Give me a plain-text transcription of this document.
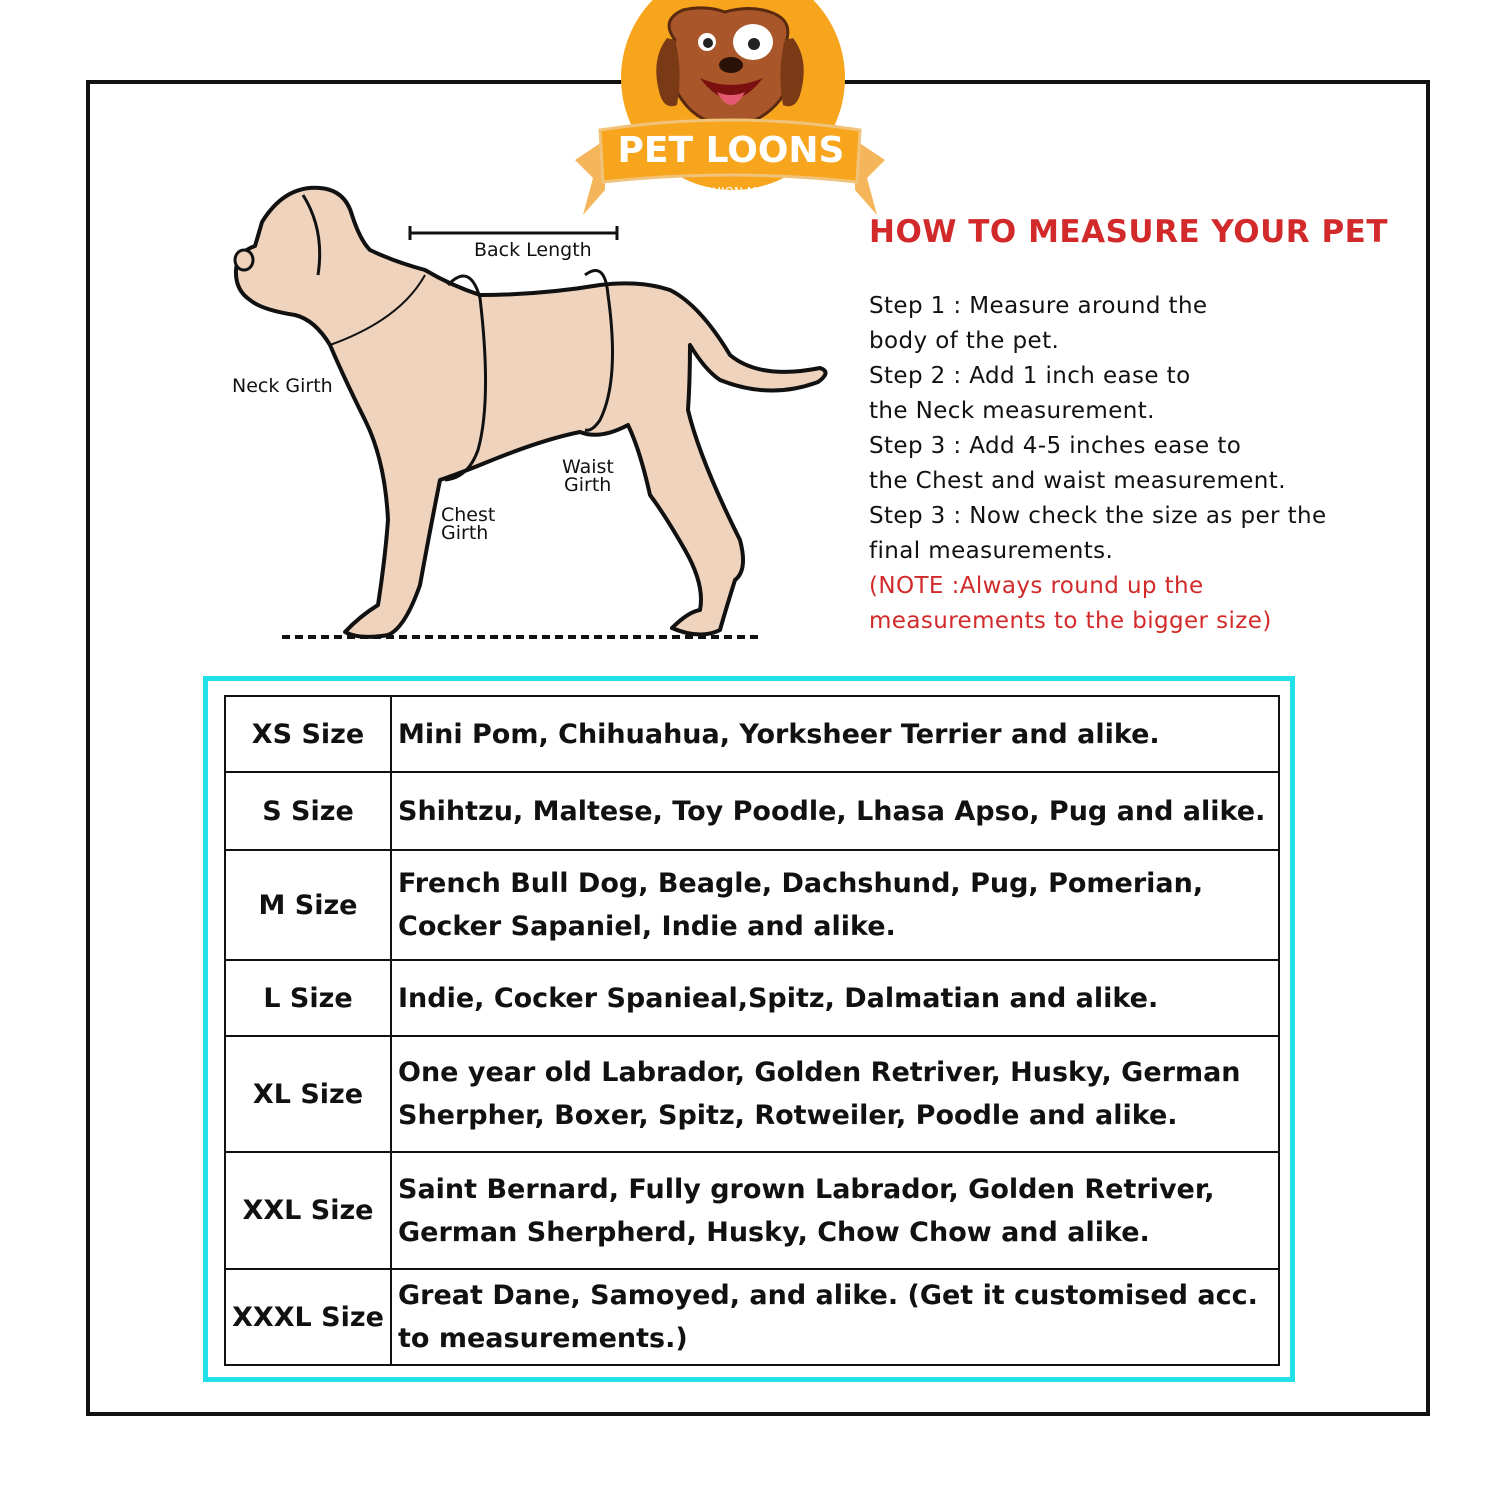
PET LOONS
WHERE FASHION MEETS FUR!
Back Length
Neck Girth
Chest
Girth
Waist
Girth
HOW TO MEASURE YOUR PET

Step 1 : Measure around the

body of the pet.

Step 2 : Add 1 inch ease to

the Neck measurement.

Step 3 : Add 4-5 inches ease to

the Chest and waist measurement.

Step 3 : Now check the size as per the

final measurements.

(NOTE :Always round up the

measurements to the bigger size)

XS Size	Mini Pom, Chihuahua, Yorksheer Terrier and alike.
S Size	Shihtzu, Maltese, Toy Poodle, Lhasa Apso, Pug and alike.
M Size	French Bull Dog, Beagle, Dachshund, Pug, Pomerian, Cocker Sapaniel, Indie and alike.
L Size	Indie, Cocker Spanieal,Spitz, Dalmatian and alike.
XL Size	One year old Labrador, Golden Retriver, Husky, German Sherpher, Boxer, Spitz, Rotweiler, Poodle and alike.
XXL Size	Saint Bernard, Fully grown Labrador, Golden Retriver, German Sherpherd, Husky, Chow Chow and alike.
XXXL Size	Great Dane, Samoyed, and alike. (Get it customised acc. to measurements.)
